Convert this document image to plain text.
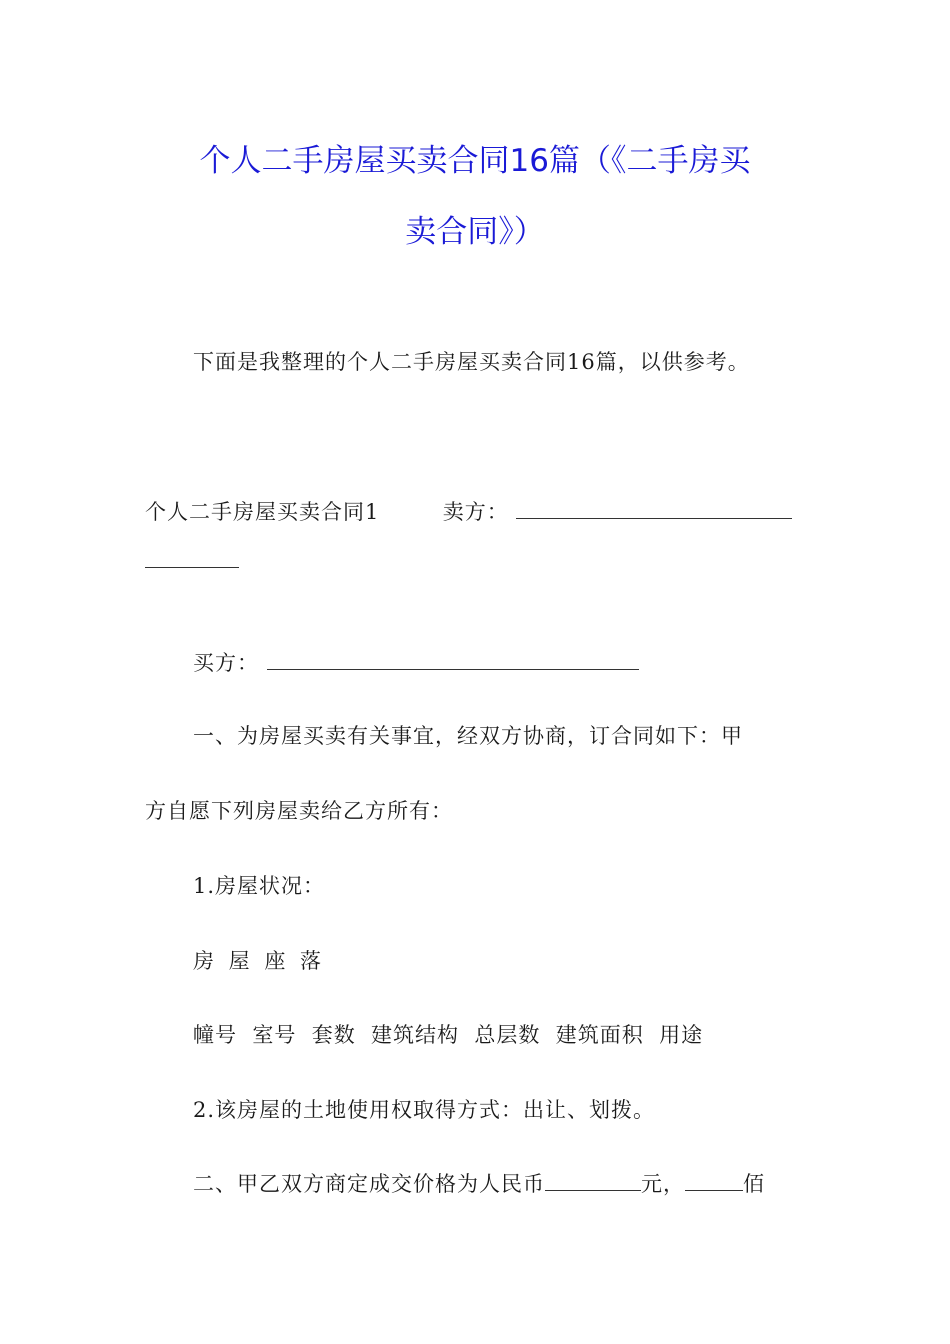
个人二手房屋买卖合同16篇（《二手房买
卖合同》）

下面是我整理的个人二手房屋买卖合同16篇，以供参考。

个人二手房屋买卖合同1	卖方：
买方：

一、为房屋买卖有关事宜，经双方协商，订合同如下：甲

方自愿下列房屋卖给乙方所有：

1.房屋状况：

房 屋 座 落

幢号  室号  套数  建筑结构  总层数  建筑面积  用途

2.该房屋的土地使用权取得方式：出让、划拨。

二、甲乙双方商定成交价格为人民币	元，	佰
